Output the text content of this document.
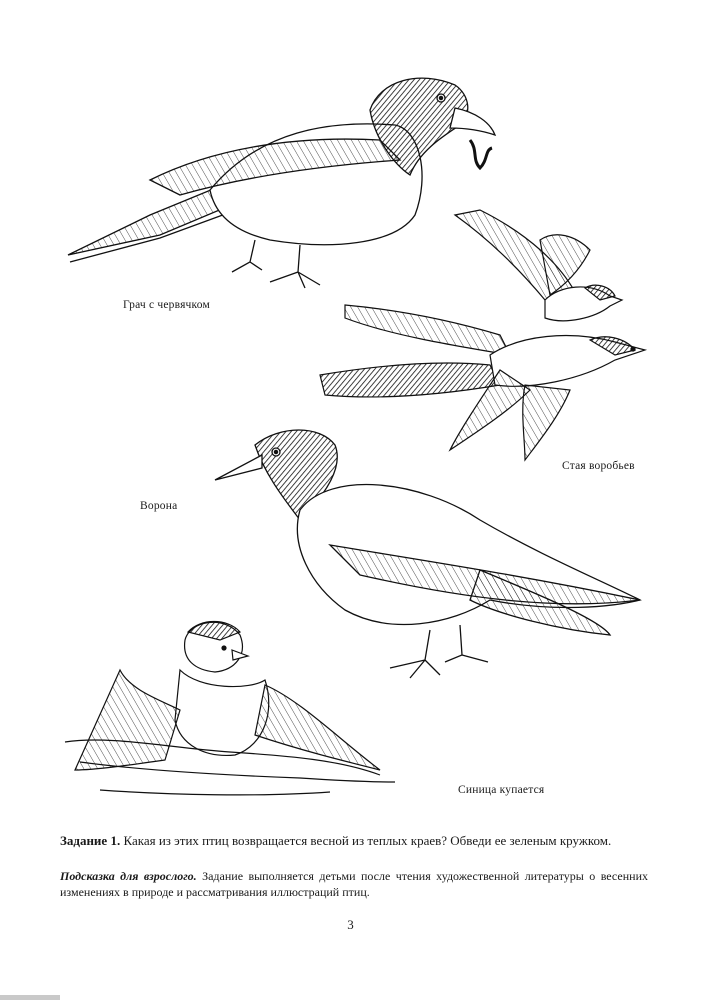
Грач с червячком
Стая воробьев
Ворона
Синица купается
Задание 1. Какая из этих птиц возвращается весной из теплых краев? Обведи ее зеленым кружком.
Подсказка для взрослого. Задание выполняется детьми после чтения художественной литературы о весенних изменениях в природе и рассматривания иллюстраций птиц.
3
